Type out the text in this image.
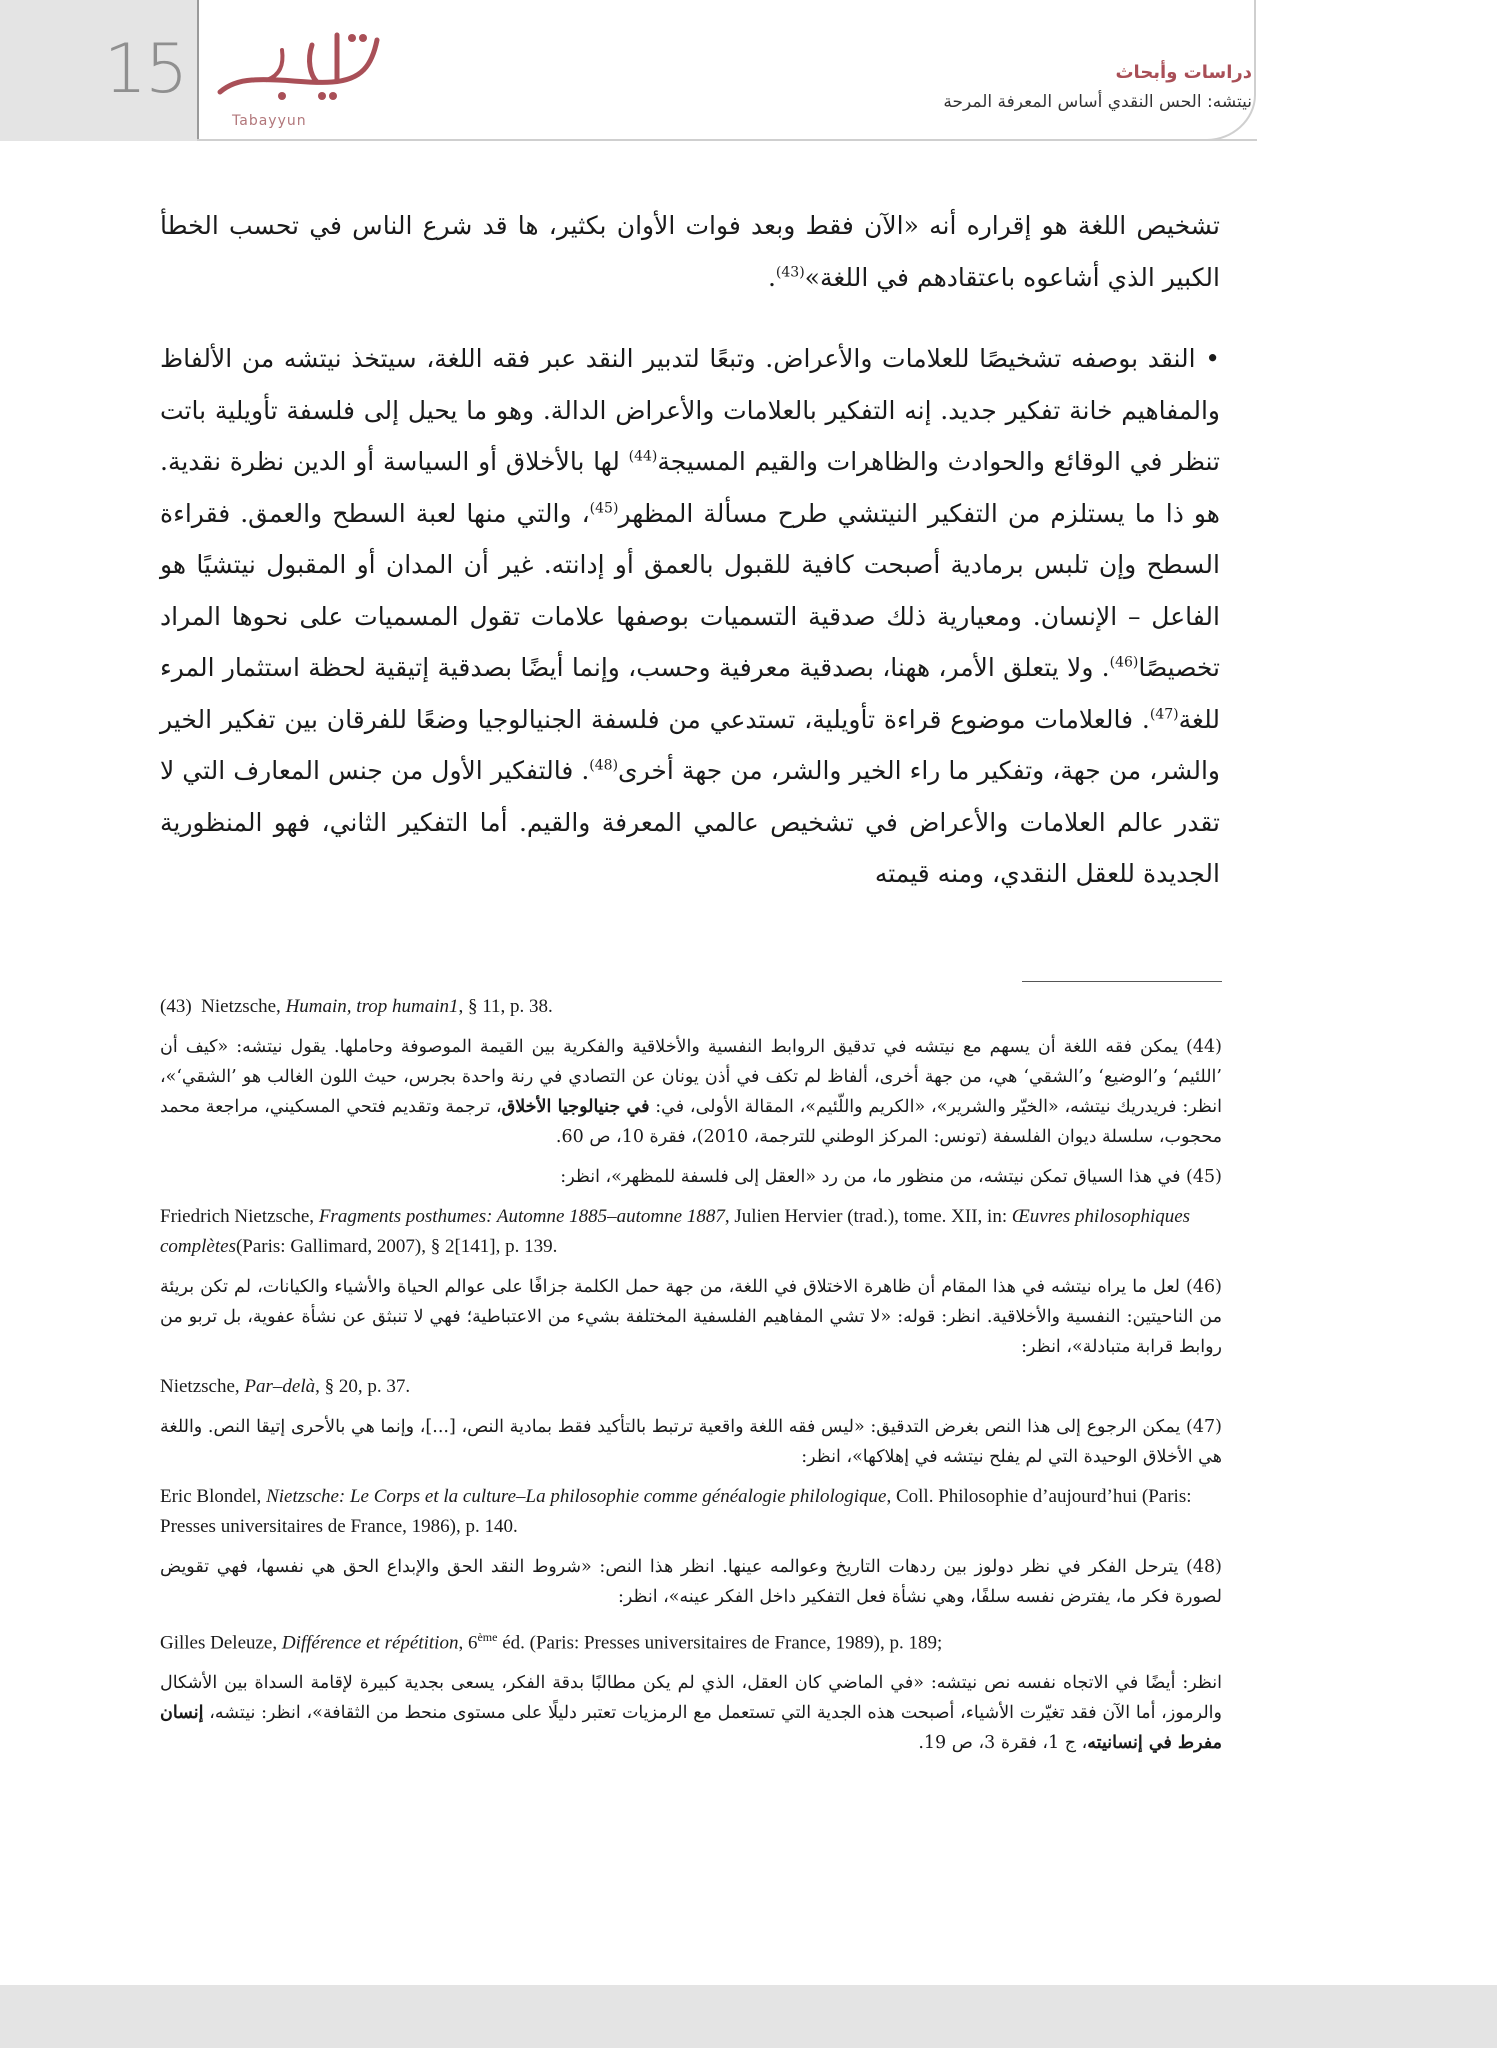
15
Tabayyun
دراسات وأبحاث
نيتشه: الحس النقدي أساس المعرفة المرحة

تشخيص اللغة هو إقراره أنه «الآن فقط وبعد فوات الأوان بكثير، ها قد شرع الناس في تحسب الخطأ الكبير الذي أشاعوه باعتقادهم في اللغة»$^{(43)}$.

• النقد بوصفه تشخيصًا للعلامات والأعراض. وتبعًا لتدبير النقد عبر فقه اللغة، سيتخذ نيتشه من الألفاظ والمفاهيم خانة تفكير جديد. إنه التفكير بالعلامات والأعراض الدالة. وهو ما يحيل إلى فلسفة تأويلية باتت تنظر في الوقائع والحوادث والظاهرات والقيم المسيجة$^{(44)}$ لها بالأخلاق أو السياسة أو الدين نظرة نقدية. هو ذا ما يستلزم من التفكير النيتشي طرح مسألة المظهر$^{(45)}$، والتي منها لعبة السطح والعمق. فقراءة السطح وإن تلبس برمادية أصبحت كافية للقبول بالعمق أو إدانته. غير أن المدان أو المقبول نيتشيًا هو الفاعل – الإنسان. ومعيارية ذلك صدقية التسميات بوصفها علامات تقول المسميات على نحوها المراد تخصيصًا$^{(46)}$. ولا يتعلق الأمر، ههنا، بصدقية معرفية وحسب، وإنما أيضًا بصدقية إتيقية لحظة استثمار المرء للغة$^{(47)}$. فالعلامات موضوع قراءة تأويلية، تستدعي من فلسفة الجنيالوجيا وضعًا للفرقان بين تفكير الخير والشر، من جهة، وتفكير ما راء الخير والشر، من جهة أخرى$^{(48)}$. فالتفكير الأول من جنس المعارف التي لا تقدر عالم العلامات والأعراض في تشخيص عالمي المعرفة والقيم. أما التفكير الثاني، فهو المنظورية الجديدة للعقل النقدي، ومنه قيمته

(43) Nietzsche, Humain, trop humain1, § 11, p. 38.

(44) يمكن فقه اللغة أن يسهم مع نيتشه في تدقيق الروابط النفسية والأخلاقية والفكرية بين القيمة الموصوفة وحاملها. يقول نيتشه: «كيف أن ’اللئيم‘ و’الوضيع‘ و’الشقي‘ هي، من جهة أخرى، ألفاظ لم تكف في أذن يونان عن التصادي في رنة واحدة بجرس، حيث اللون الغالب هو ’الشقي‘»، انظر: فريدريك نيتشه، «الخيّر والشرير»، «الكريم واللّئيم»، المقالة الأولى، في: في جنيالوجيا الأخلاق، ترجمة وتقديم فتحي المسكيني، مراجعة محمد محجوب، سلسلة ديوان الفلسفة (تونس: المركز الوطني للترجمة، 2010)، فقرة 10، ص 60.

(45) في هذا السياق تمكن نيتشه، من منظور ما، من رد «العقل إلى فلسفة للمظهر»، انظر:

Friedrich Nietzsche, Fragments posthumes: Automne 1885–automne 1887, Julien Hervier (trad.), tome. XII, in: Œuvres philosophiques complètes(Paris: Gallimard, 2007), § 2[141], p. 139.

(46) لعل ما يراه نيتشه في هذا المقام أن ظاهرة الاختلاق في اللغة، من جهة حمل الكلمة جزافًا على عوالم الحياة والأشياء والكيانات، لم تكن بريئة من الناحيتين: النفسية والأخلاقية. انظر: قوله: «لا تشي المفاهيم الفلسفية المختلفة بشيء من الاعتباطية؛ فهي لا تنبثق عن نشأة عفوية، بل تربو من روابط قرابة متبادلة»، انظر:

Nietzsche, Par–delà, § 20, p. 37.

(47) يمكن الرجوع إلى هذا النص بغرض التدقيق: «ليس فقه اللغة واقعية ترتبط بالتأكيد فقط بمادية النص، [...]، وإنما هي بالأحرى إتيقا النص. واللغة هي الأخلاق الوحيدة التي لم يفلح نيتشه في إهلاكها»، انظر:

Eric Blondel, Nietzsche: Le Corps et la culture–La philosophie comme généalogie philologique, Coll. Philosophie d’aujourd’hui (Paris: Presses universitaires de France, 1986), p. 140.

(48) يترحل الفكر في نظر دولوز بين ردهات التاريخ وعوالمه عينها. انظر هذا النص: «شروط النقد الحق والإبداع الحق هي نفسها، فهي تقويض لصورة فكر ما، يفترض نفسه سلفًا، وهي نشأة فعل التفكير داخل الفكر عينه»، انظر:

Gilles Deleuze, Différence et répétition, 6ème éd. (Paris: Presses universitaires de France, 1989), p. 189;

انظر: أيضًا في الاتجاه نفسه نص نيتشه: «في الماضي كان العقل، الذي لم يكن مطالبًا بدقة الفكر، يسعى بجدية كبيرة لإقامة السداة بين الأشكال والرموز، أما الآن فقد تغيّرت الأشياء، أصبحت هذه الجدية التي تستعمل مع الرمزيات تعتبر دليلًا على مستوى منحط من الثقافة»، انظر: نيتشه، إنسان مفرط في إنسانيته، ج 1، فقرة 3، ص 19.
